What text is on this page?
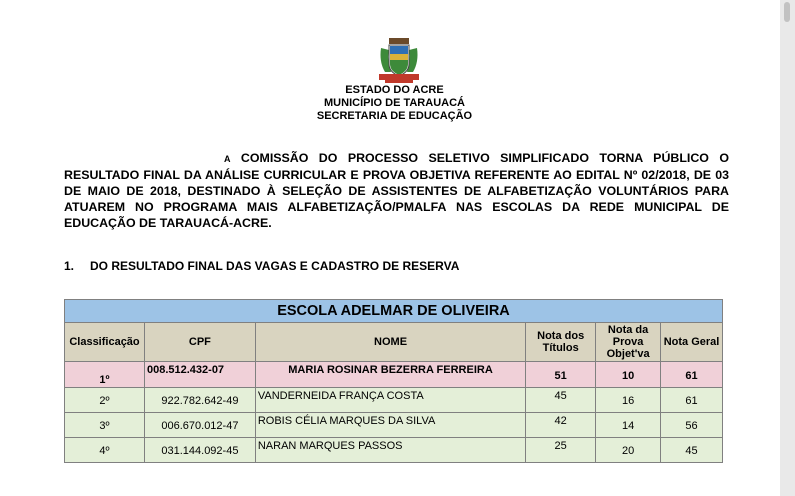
ESTADO DO ACRE
MUNICÍPIO DE TARAUACÁ
SECRETARIA DE EDUCAÇÃO
A COMISSÃO DO PROCESSO SELETIVO SIMPLIFICADO TORNA PÚBLICO O RESULTADO FINAL DA ANÁLISE CURRICULAR E PROVA OBJETIVA REFERENTE AO EDITAL Nº 02/2018, DE 03 DE MAIO DE 2018, DESTINADO À SELEÇÃO DE ASSISTENTES DE ALFABETIZAÇÃO VOLUNTÁRIOS PARA ATUAREM NO PROGRAMA MAIS ALFABETIZAÇÃO/PMALFA NAS ESCOLAS DA REDE MUNICIPAL DE EDUCAÇÃO DE TARAUACÁ-ACRE.
1. DO RESULTADO FINAL DAS VAGAS E CADASTRO DE RESERVA
ESCOLA ADELMAR DE OLIVEIRA					
Classificação	CPF	NOME	Nota dos Títulos	Nota da Prova Objet'va	Nota Geral
1º	008.512.432-07	MARIA ROSINAR BEZERRA FERREIRA	51	10	61
2º	922.782.642-49	VANDERNEIDA FRANÇA COSTA	45	16	61
3º	006.670.012-47	ROBIS CÉLIA MARQUES DA SILVA	42	14	56
4º	031.144.092-45	NARAN MARQUES PASSOS	25	20	45
